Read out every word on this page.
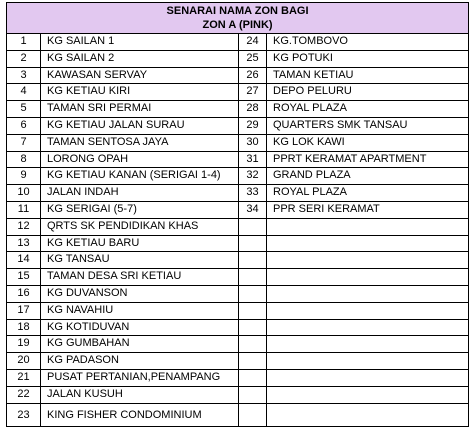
SENARAI NAMA ZON BAGI
ZON A (PINK)			

1	KG SAILAN 1	24	KG.TOMBOVO
2	KG SAILAN 2	25	KG POTUKI
3	KAWASAN SERVAY	26	TAMAN KETIAU
4	KG KETIAU KIRI	27	DEPO PELURU
5	TAMAN SRI PERMAI	28	ROYAL PLAZA
6	KG KETIAU JALAN SURAU	29	QUARTERS SMK TANSAU
7	TAMAN SENTOSA JAYA	30	KG LOK KAWI
8	LORONG OPAH	31	PPRT KERAMAT APARTMENT
9	KG KETIAU KANAN (SERIGAI 1-4)	32	GRAND PLAZA
10	JALAN INDAH	33	ROYAL PLAZA
11	KG SERIGAI (5-7)	34	PPR SERI KERAMAT
12	QRTS SK PENDIDIKAN KHAS		
13	KG KETIAU BARU		
14	KG TANSAU		
15	TAMAN DESA SRI KETIAU		
16	KG DUVANSON		
17	KG NAVAHIU		
18	KG KOTIDUVAN		
19	KG GUMBAHAN		
20	KG PADASON		
21	PUSAT PERTANIAN,PENAMPANG		
22	JALAN KUSUH		
23	KING FISHER CONDOMINIUM		
